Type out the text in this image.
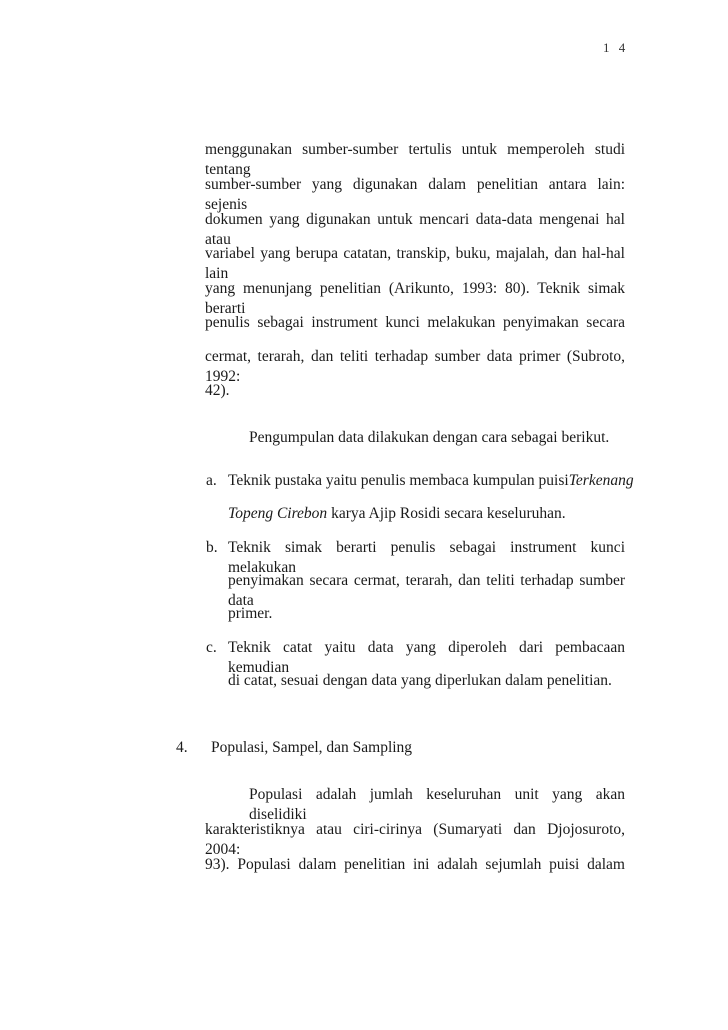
1 4
menggunakan sumber-sumber tertulis untuk memperoleh studi tentang
sumber-sumber yang digunakan dalam penelitian antara lain: sejenis
dokumen yang digunakan untuk mencari data-data mengenai hal atau
variabel yang berupa catatan, transkip, buku, majalah, dan hal-hal lain
yang menunjang penelitian (Arikunto, 1993: 80). Teknik simak berarti
penulis sebagai instrument kunci melakukan penyimakan secara
cermat, terarah, dan teliti terhadap sumber data primer (Subroto, 1992:
42).
Pengumpulan data dilakukan dengan cara sebagai berikut.
a. Teknik pustaka yaitu penulis membaca kumpulan puisi Terkenang
Topeng Cirebon karya Ajip Rosidi secara keseluruhan.
b. Teknik simak berarti penulis sebagai instrument kunci melakukan
penyimakan secara cermat, terarah, dan teliti terhadap sumber data
primer.
c. Teknik catat yaitu data yang diperoleh dari pembacaan kemudian
di catat, sesuai dengan data yang diperlukan dalam penelitian.
4. Populasi, Sampel, dan Sampling
Populasi adalah jumlah keseluruhan unit yang akan diselidiki
karakteristiknya atau ciri-cirinya (Sumaryati dan Djojosuroto, 2004:
93). Populasi dalam penelitian ini adalah sejumlah puisi dalam
